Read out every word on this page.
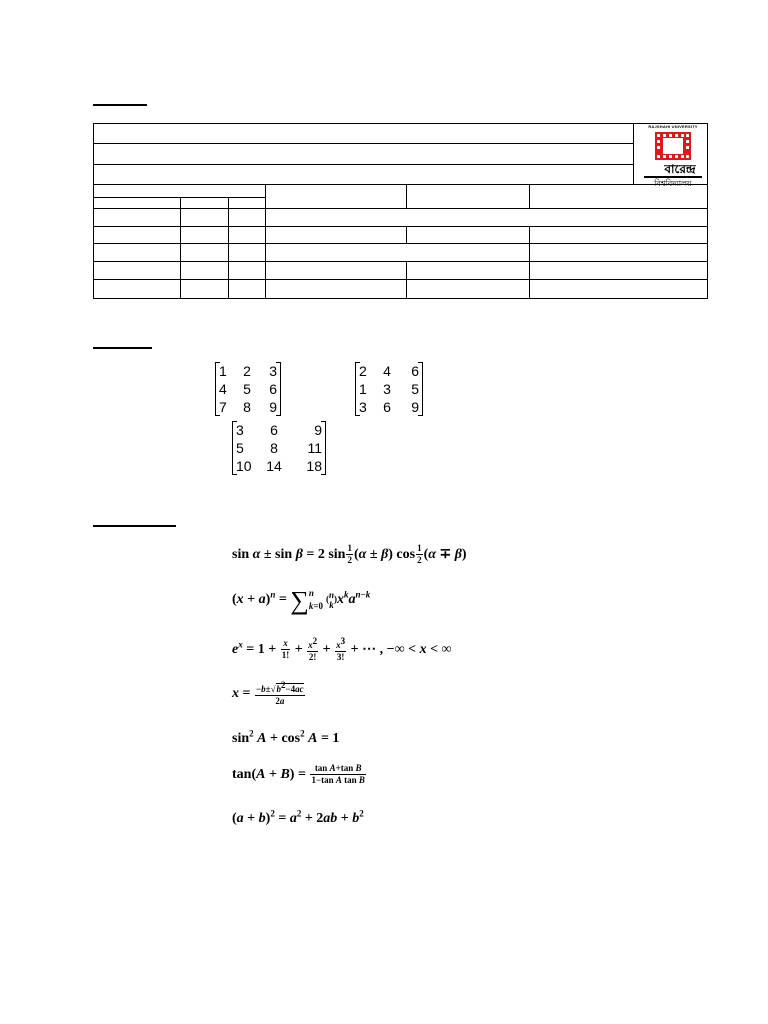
RAJSHAHI UNIVERSITY
বারেন্দ্র
বিশ্ববিদ্যালয়
1	2	3
4	5	6
7	8	9
2	4	6
1	3	5
3	6	9
3	6	9
5	8	11
10	14	18
sin α ± sin β = 2 $\sin \frac{1}{2} (\alpha \pm \beta)$ $\cos \frac{1}{2} (\alpha \mp \beta)$
$(x + a)^n$ = ∑ n
k=0
( n
k
)$x^ka^{n-k}$
$e^x = 1 + \frac{x}{1!} + \frac{x^2}{2!} + \frac{x^3}{3!}$ + ⋯ , −∞ < x < ∞
$x = \frac{-b\pm√b^2-4ac}{2a}$
$\sin^2 A + \cos^2 A = 1$
$\tan(A + B) = \frac{\text{tan A+tan B}}{\text{1−tan A tan B}}$
$(a + b)^2 = a^2 + 2ab + b^2$
